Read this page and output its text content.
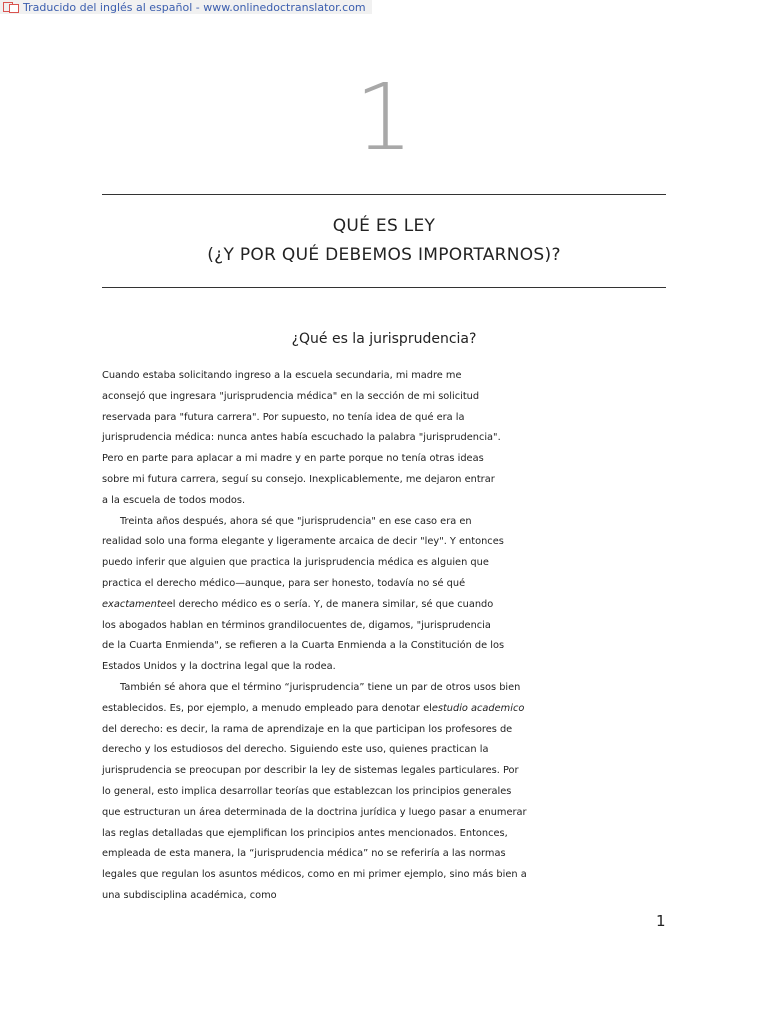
Traducido del inglés al español - www.onlinedoctranslator.com
1
QUÉ ES LEY
(¿Y POR QUÉ DEBEMOS IMPORTARNOS)?
¿Qué es la jurisprudencia?
Cuando estaba solicitando ingreso a la escuela secundaria, mi madre me
aconsejó que ingresara "jurisprudencia médica" en la sección de mi solicitud
reservada para "futura carrera". Por supuesto, no tenía idea de qué era la
jurisprudencia médica: nunca antes había escuchado la palabra "jurisprudencia".
Pero en parte para aplacar a mi madre y en parte porque no tenía otras ideas
sobre mi futura carrera, seguí su consejo. Inexplicablemente, me dejaron entrar
a la escuela de todos modos.
Treinta años después, ahora sé que "jurisprudencia" en ese caso era en
realidad solo una forma elegante y ligeramente arcaica de decir "ley". Y entonces
puedo inferir que alguien que practica la jurisprudencia médica es alguien que
practica el derecho médico—aunque, para ser honesto, todavía no sé qué
exactamenteel derecho médico es o sería. Y, de manera similar, sé que cuando
los abogados hablan en términos grandilocuentes de, digamos, "jurisprudencia
de la Cuarta Enmienda", se refieren a la Cuarta Enmienda a la Constitución de los
Estados Unidos y la doctrina legal que la rodea.
También sé ahora que el término “jurisprudencia” tiene un par de otros usos bien
establecidos. Es, por ejemplo, a menudo empleado para denotar elestudio academico
del derecho: es decir, la rama de aprendizaje en la que participan los profesores de
derecho y los estudiosos del derecho. Siguiendo este uso, quienes practican la
jurisprudencia se preocupan por describir la ley de sistemas legales particulares. Por
lo general, esto implica desarrollar teorías que establezcan los principios generales
que estructuran un área determinada de la doctrina jurídica y luego pasar a enumerar
las reglas detalladas que ejemplifican los principios antes mencionados. Entonces,
empleada de esta manera, la “jurisprudencia médica” no se referiría a las normas
legales que regulan los asuntos médicos, como en mi primer ejemplo, sino más bien a
una subdisciplina académica, como
1
